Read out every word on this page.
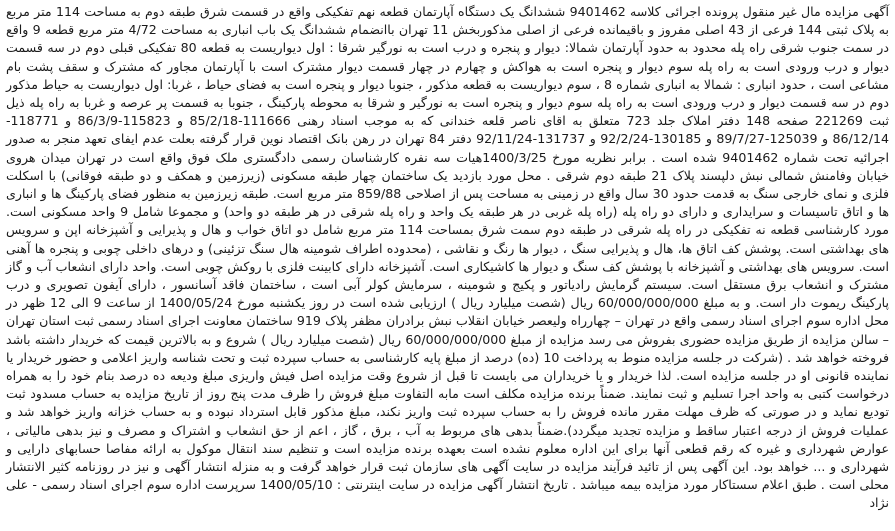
آگهی مزایده مال غیر منقول پرونده اجرائی کلاسه 9401462 ششدانگ یک دستگاه آپارتمان قطعه نهم تفکیکی واقع در قسمت شرق طبقه دوم به مساحت 114 متر مربع به پلاک ثبتی 144 فرعی از 43 اصلی مفروز و باقیمانده فرعی از اصلی مذکوربخش 11 تهران باانضمام ششدانگ یک باب انباری به مساحت 4/72 متر مربع قطعه 9 واقع در سمت جنوب شرقی راه پله محدود به حدود آپارتمان شمالا: دیوار و پنجره و درب است به نورگیر شرقا : اول دیواریست به قطعه 80 تفکیکی قبلی دوم در سه قسمت دیوار و درب ورودی است به راه پله سوم دیوار و پنجره است به هواکش و چهارم در چهار قسمت دیوار مشترک است با آپارتمان مجاور که مشترک و سقف پشت بام مشاعی است ، حدود انباری : شمالا به انباری شماره 8 ، سوم دیواریست به قطعه مذکور ، جنوبا دیوار و پنجره است به فضای حیاط ، غربا: اول دیواریست به حیاط مذکور دوم در سه قسمت دیوار و درب ورودی است به راه پله سوم دیوار و پنجره است به نورگیر و شرقا به محوطه پارکینگ ، جنوبا به قسمت پر عرصه و غربا به راه پله ذیل ثبت 221269 صفحه 148 دفتر املاک جلد 723 متعلق به اقای ناصر قلعه خندانی که به موجب اسناد رهنی 111666-85/2/18 و 115823-86/3/9 و 118771-86/12/14 و 125039-89/7/27 و 130185-92/2/24 و 131737-92/11/24 دفتر 84 تهران در رهن بانک اقتصاد نوین قرار گرفته بعلت عدم ایفای تعهد منجر به صدور اجرائیه تحت شماره 9401462 شده است . برابر نظریه مورخ 1400/3/25هیات سه نفره کارشناسان رسمی دادگستری ملک فوق واقع است در تهران میدان هروی خیابان وفامنش شمالی نبش دلپسند پلاک 21 طبقه دوم شرقی . محل مورد بازدید یک ساختمان چهار طبقه مسکونی (زیرزمین و همکف و دو طبقه فوقانی) با اسکلت فلزی و نمای خارجی سنگ به قدمت حدود 30 سال واقع در زمینی به مساحت پس از اصلاحی 859/88 متر مربع است. طبقه زیرزمین به منظور فضای پارکینگ ها و انباری ها و اتاق تاسیسات و سرایداری و دارای دو راه پله (راه پله غربی در هر طبقه یک واحد و راه پله شرقی در هر طبقه دو واحد) و مجموعا شامل 9 واحد مسکونی است. مورد کارشناسی قطعه نه تفکیکی در راه پله شرقی در طبقه دوم سمت شرق بمساحت 114 متر مربع شامل دو اتاق خواب و هال و پذیرایی و آشپزخانه اپن و سرویس های بهداشتی است. پوشش کف اتاق ها، هال و پذیرایی سنگ ، دیوار ها رنگ و نقاشی ، (محدوده اطراف شومینه هال سنگ تزئینی) و درهای داخلی چوبی و پنجره ها آهنی است. سرویس های بهداشتی و آشپزخانه با پوشش کف سنگ و دیوار ها کاشیکاری است. آشپزخانه دارای کابینت فلزی با روکش چوبی است. واحد دارای انشعاب آب و گاز مشترک و انشعاب برق مستقل است. سیستم گرمایش رادیاتور و پکیج و شومینه ، سرمایش کولر آبی است ، ساختمان فاقد آسانسور ، دارای آیفون تصویری و درب پارکینگ ریموت دار است. و به مبلغ 60/000/000/000 ریال (شصت میلیارد ریال ) ارزیابی شده است در روز یکشنبه مورخ 1400/05/24 از ساعت 9 الی 12 ظهر در محل اداره سوم اجرای اسناد رسمی واقع در تهران – چهارراه ولیعصر خیابان انقلاب نبش برادران مظفر پلاک 919 ساختمان معاونت اجرای اسناد رسمی ثبت استان تهران – سالن مزایده از طریق مزایده حضوری بفروش می رسد مزایده از مبلغ 60/000/000/000 ریال (شصت میلیارد ریال ) شروع و به بالاترین قیمت که خریدار داشته باشد فروخته خواهد شد . (شرکت در جلسه مزایده منوط به پرداخت 10 (ده) درصد از مبلغ پایه کارشناسی به حساب سپرده ثبت و تحت شناسه واریز اعلامی و حضور خریدار یا نماینده قانونی او در جلسه مزایده است. لذا خریدار و یا خریداران می بایست تا قبل از شروع وقت مزایده اصل فیش واریزی مبلغ ودیعه ده درصد بنام خود را به همراه درخواست کتبی به واحد اجرا تسلیم و ثبت نمایند. ضمناً برنده مزایده مکلف است مابه التفاوت مبلغ فروش را ظرف مدت پنج روز از تاریخ مزایده به حساب مسدود ثبت تودیع نماید و در صورتی که ظرف مهلت مقرر مانده فروش را به حساب سپرده ثبت واریز نکند، مبلغ مذکور قابل استرداد نبوده و به حساب خزانه واریز خواهد شد و عملیات فروش از درجه اعتبار ساقط و مزایده تجدید میگردد).ضمناً بدهی های مربوط به آب ، برق ، گاز ، اعم از حق انشعاب و اشتراک و مصرف و نیز بدهی مالیاتی ، عوارض شهرداری و غیره که رقم قطعی آنها برای این اداره معلوم نشده است بعهده برنده مزایده است و تنظیم سند انتقال موکول به ارائه مفاصا حسابهای دارایی و شهرداری و ... خواهد بود. این آگهی پس از تائید فرآیند مزایده در سایت آگهی های سازمان ثبت قرار خواهد گرفت و به منزله انتشار آگهی و نیز در روزنامه کثیر الانتشار محلی است . طبق اعلام سستاکار مورد مزایده بیمه میباشد . تاریخ انتشار آگهی مزایده در سایت اینترنتی : 1400/05/10 سرپرست اداره سوم اجرای اسناد رسمی - علی نژاد
